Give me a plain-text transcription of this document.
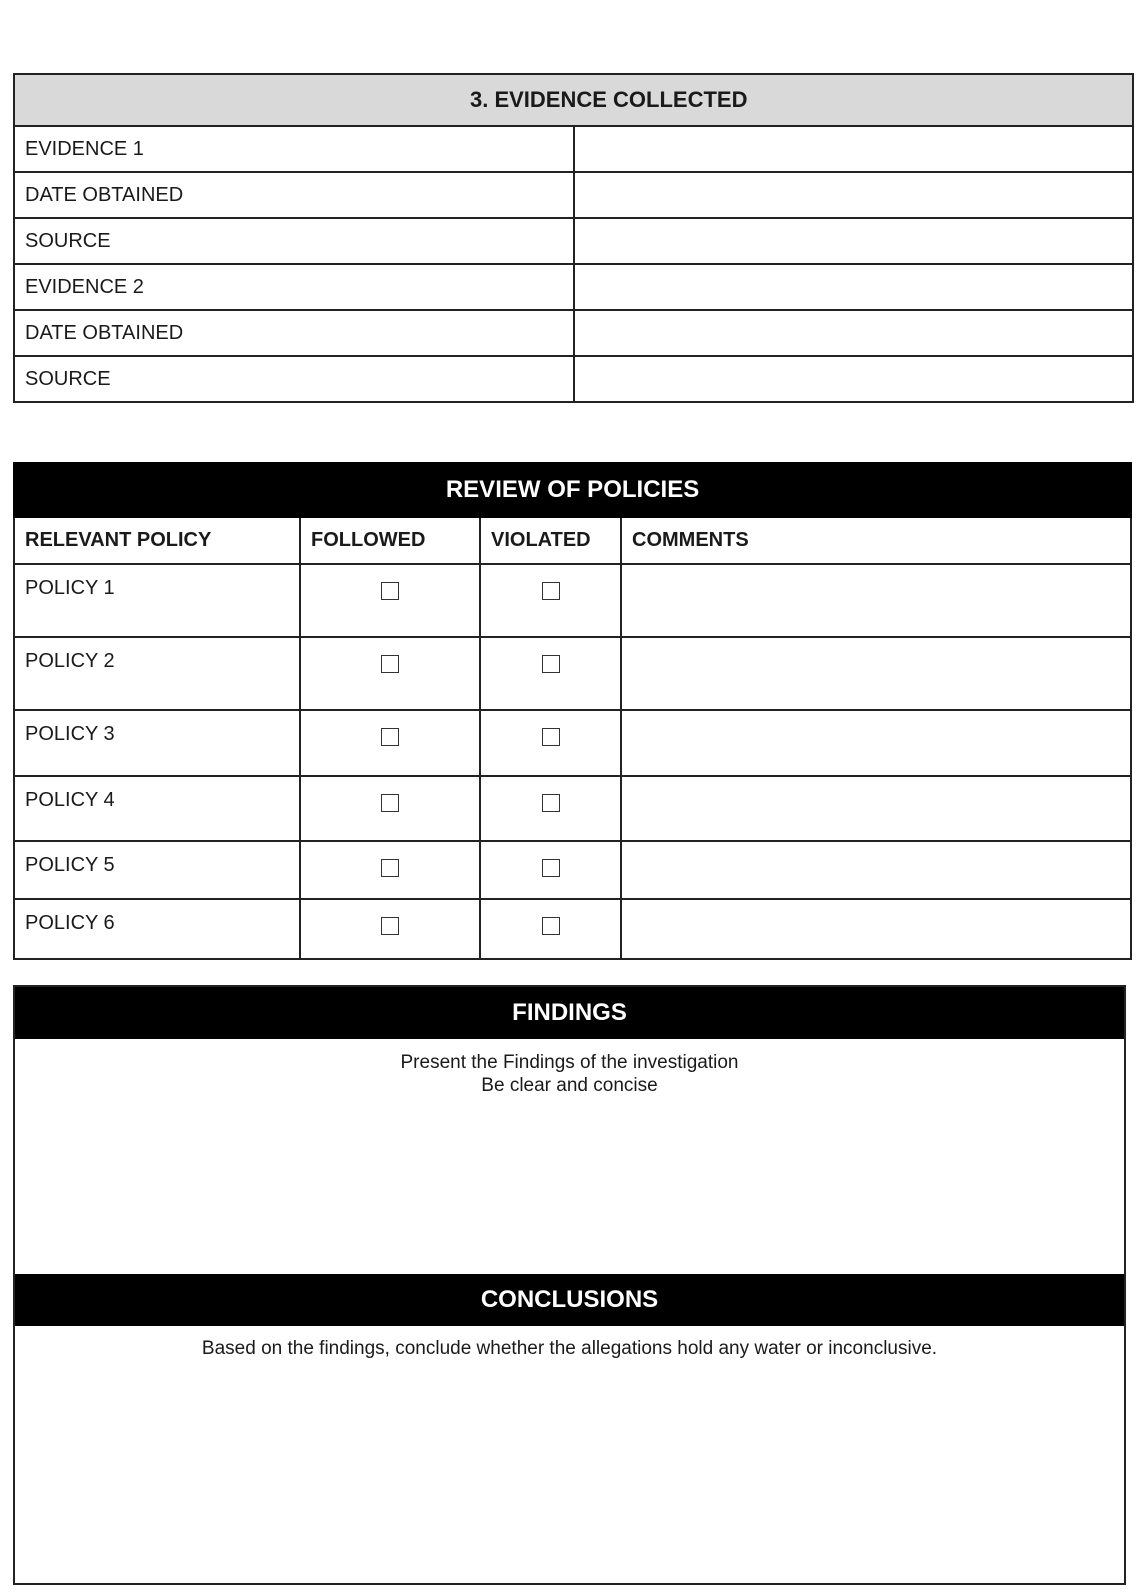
3. EVIDENCE COLLECTED	
EVIDENCE 1	
DATE OBTAINED	
SOURCE	
EVIDENCE 2	
DATE OBTAINED	
SOURCE	
REVIEW OF POLICIES			
RELEVANT POLICY	FOLLOWED	VIOLATED	COMMENTS
POLICY 1			
POLICY 2			
POLICY 3			
POLICY 4			
POLICY 5			
POLICY 6			
FINDINGS
Present the Findings of the investigation
Be clear and concise
CONCLUSIONS
Based on the findings, conclude whether the allegations hold any water or inconclusive.
